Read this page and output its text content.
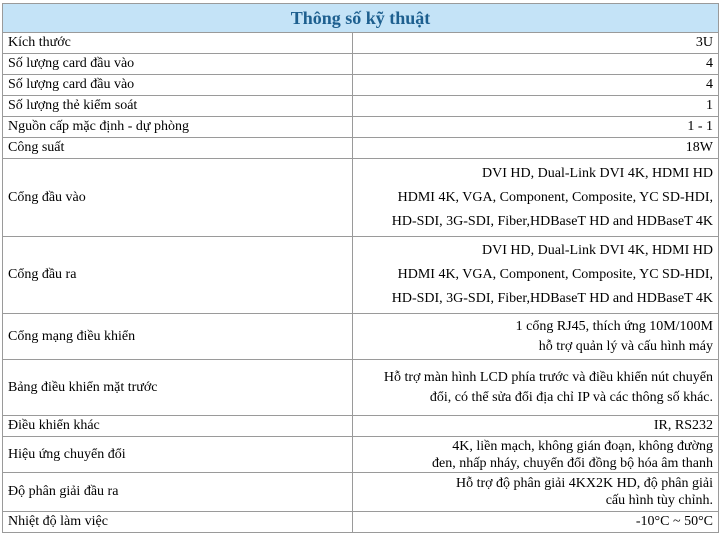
Thông số kỹ thuật	
Kích thước	3U

Số lượng card đầu vào	4

Số lượng card đầu vào	4

Số lượng thẻ kiểm soát	1

Nguồn cấp mặc định - dự phòng	1 - 1

Công suất	18W

Cổng đầu vào	DVI HD, Dual-Link DVI 4K, HDMI HD
HDMI 4K, VGA, Component, Composite, YC SD-HDI,
HD-SDI, 3G-SDI, Fiber,HDBaseT HD and HDBaseT 4K

Cổng đầu ra	DVI HD, Dual-Link DVI 4K, HDMI HD
HDMI 4K, VGA, Component, Composite, YC SD-HDI,
HD-SDI, 3G-SDI, Fiber,HDBaseT HD and HDBaseT 4K

Cổng mạng điều khiển	1 cổng RJ45, thích ứng 10M/100M
hỗ trợ quản lý và cấu hình máy

Bảng điều khiển mặt trước	Hỗ trợ màn hình LCD phía trước và điều khiển nút chuyển
đổi, có thể sửa đổi địa chỉ IP và các thông số khác.

Điều khiển khác	IR, RS232

Hiệu ứng chuyển đổi	4K, liền mạch, không gián đoạn, không đường
đen, nhấp nháy, chuyển đổi đồng bộ hóa âm thanh

Độ phân giải đầu ra	Hỗ trợ độ phân giải 4KX2K HD, độ phân giải
cấu hình tùy chỉnh.

Nhiệt độ làm việc	-10°C ~ 50°C
